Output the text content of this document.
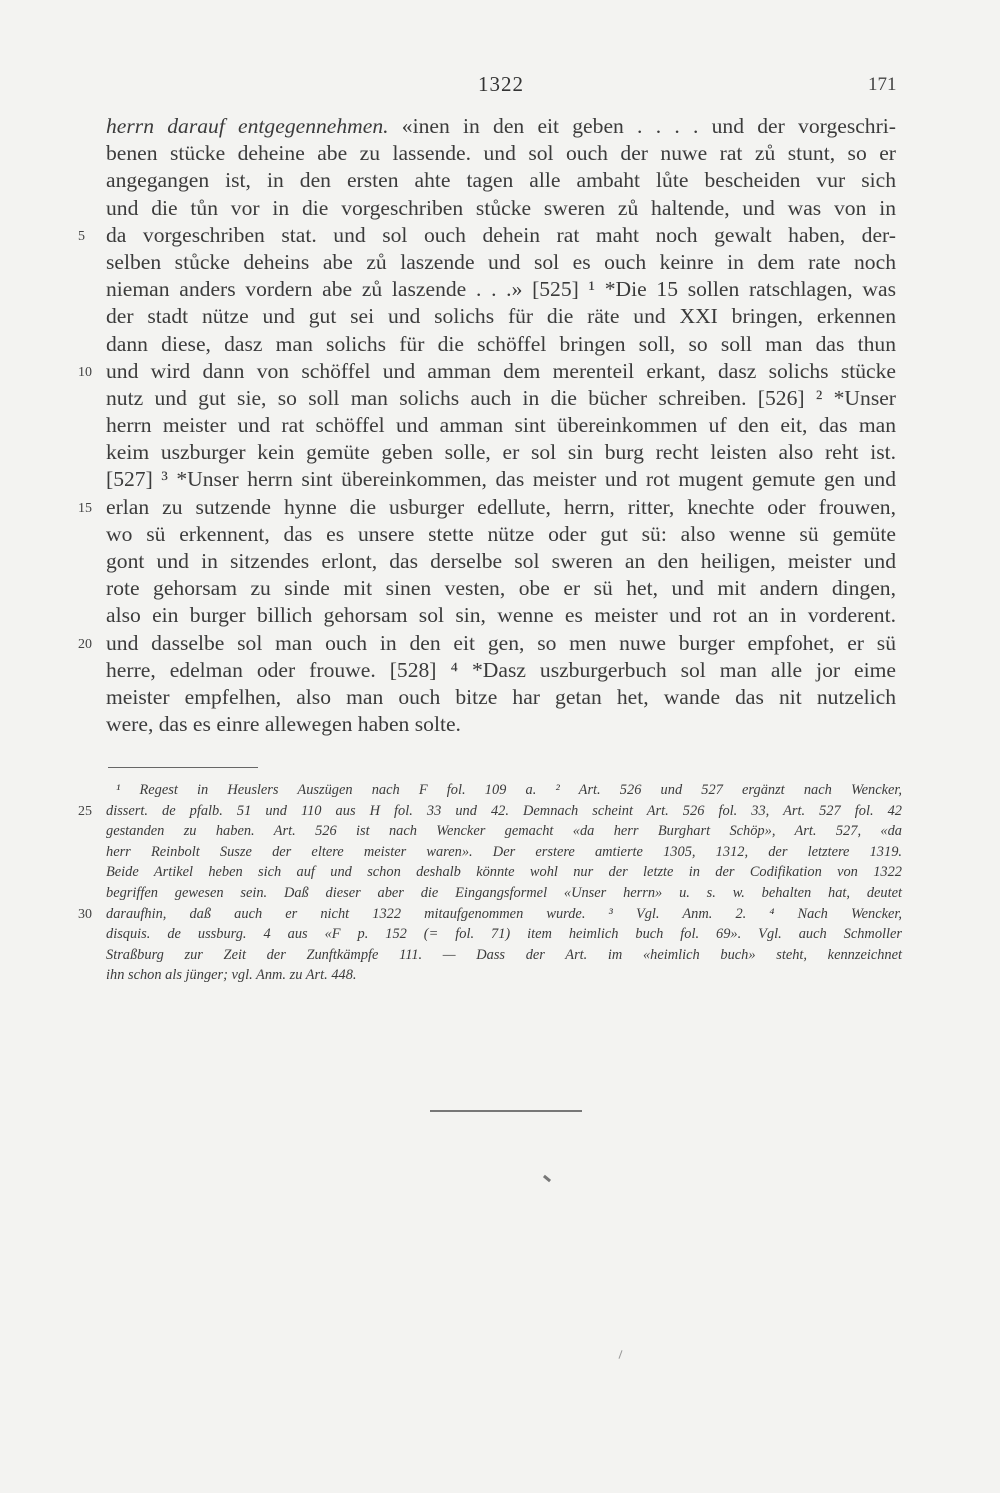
1322	171
herrn darauf entgegennehmen. «inen in den eit geben . . . . und der vorgeschri-
benen stücke deheine abe zu lassende. und sol ouch der nuwe rat zů stunt, so er
angegangen ist, in den ersten ahte tagen alle ambaht lůte bescheiden vur sich
und die tůn vor in die vorgeschriben stůcke sweren zů haltende, und was von in
da vorgeschriben stat. und sol ouch dehein rat maht noch gewalt haben, der-
5
selben stůcke deheins abe zů laszende und sol es ouch keinre in dem rate noch
nieman anders vordern abe zů laszende . . .» [525] ¹ *Die 15 sollen ratschlagen, was
der stadt nütze und gut sei und solichs für die räte und XXI bringen, erkennen
dann diese, dasz man solichs für die schöffel bringen soll, so soll man das thun
und wird dann von schöffel und amman dem merenteil erkant, dasz solichs stücke
10
nutz und gut sie, so soll man solichs auch in die bücher schreiben. [526] ² *Unser
herrn meister und rat schöffel und amman sint übereinkommen uf den eit, das man
keim uszburger kein gemüte geben solle, er sol sin burg recht leisten also reht ist.
[527] ³ *Unser herrn sint übereinkommen, das meister und rot mugent gemute gen und
erlan zu sutzende hynne die usburger edellute, herrn, ritter, knechte oder frouwen,
15
wo sü erkennent, das es unsere stette nütze oder gut sü: also wenne sü gemüte
gont und in sitzendes erlont, das derselbe sol sweren an den heiligen, meister und
rote gehorsam zu sinde mit sinen vesten, obe er sü het, und mit andern dingen,
also ein burger billich gehorsam sol sin, wenne es meister und rot an in vorderent.
und dasselbe sol man ouch in den eit gen, so men nuwe burger empfohet, er sü
20
herre, edelman oder frouwe. [528] ⁴ *Dasz uszburgerbuch sol man alle jor eime
meister empfelhen, also man ouch bitze har getan het, wande das nit nutzelich
were, das es einre allewegen haben solte.
¹ Regest in Heuslers Auszügen nach F fol. 109 a. ² Art. 526 und 527 ergänzt nach Wencker,
dissert. de pfalb. 51 und 110 aus H fol. 33 und 42. Demnach scheint Art. 526 fol. 33, Art. 527 fol. 42
25
gestanden zu haben. Art. 526 ist nach Wencker gemacht «da herr Burghart Schöp», Art. 527, «da
herr Reinbolt Susze der eltere meister waren». Der erstere amtierte 1305, 1312, der letztere 1319.
Beide Artikel heben sich auf und schon deshalb könnte wohl nur der letzte in der Codifikation von 1322
begriffen gewesen sein. Daß dieser aber die Eingangsformel «Unser herrn» u. s. w. behalten hat, deutet
daraufhin, daß auch er nicht 1322 mitaufgenommen wurde. ³ Vgl. Anm. 2. ⁴ Nach Wencker,
30
disquis. de ussburg. 4 aus «F p. 152 (= fol. 71) item heimlich buch fol. 69». Vgl. auch Schmoller
Straßburg zur Zeit der Zunftkämpfe 111. — Dass der Art. im «heimlich buch» steht, kennzeichnet
ihn schon als jünger; vgl. Anm. zu Art. 448.
